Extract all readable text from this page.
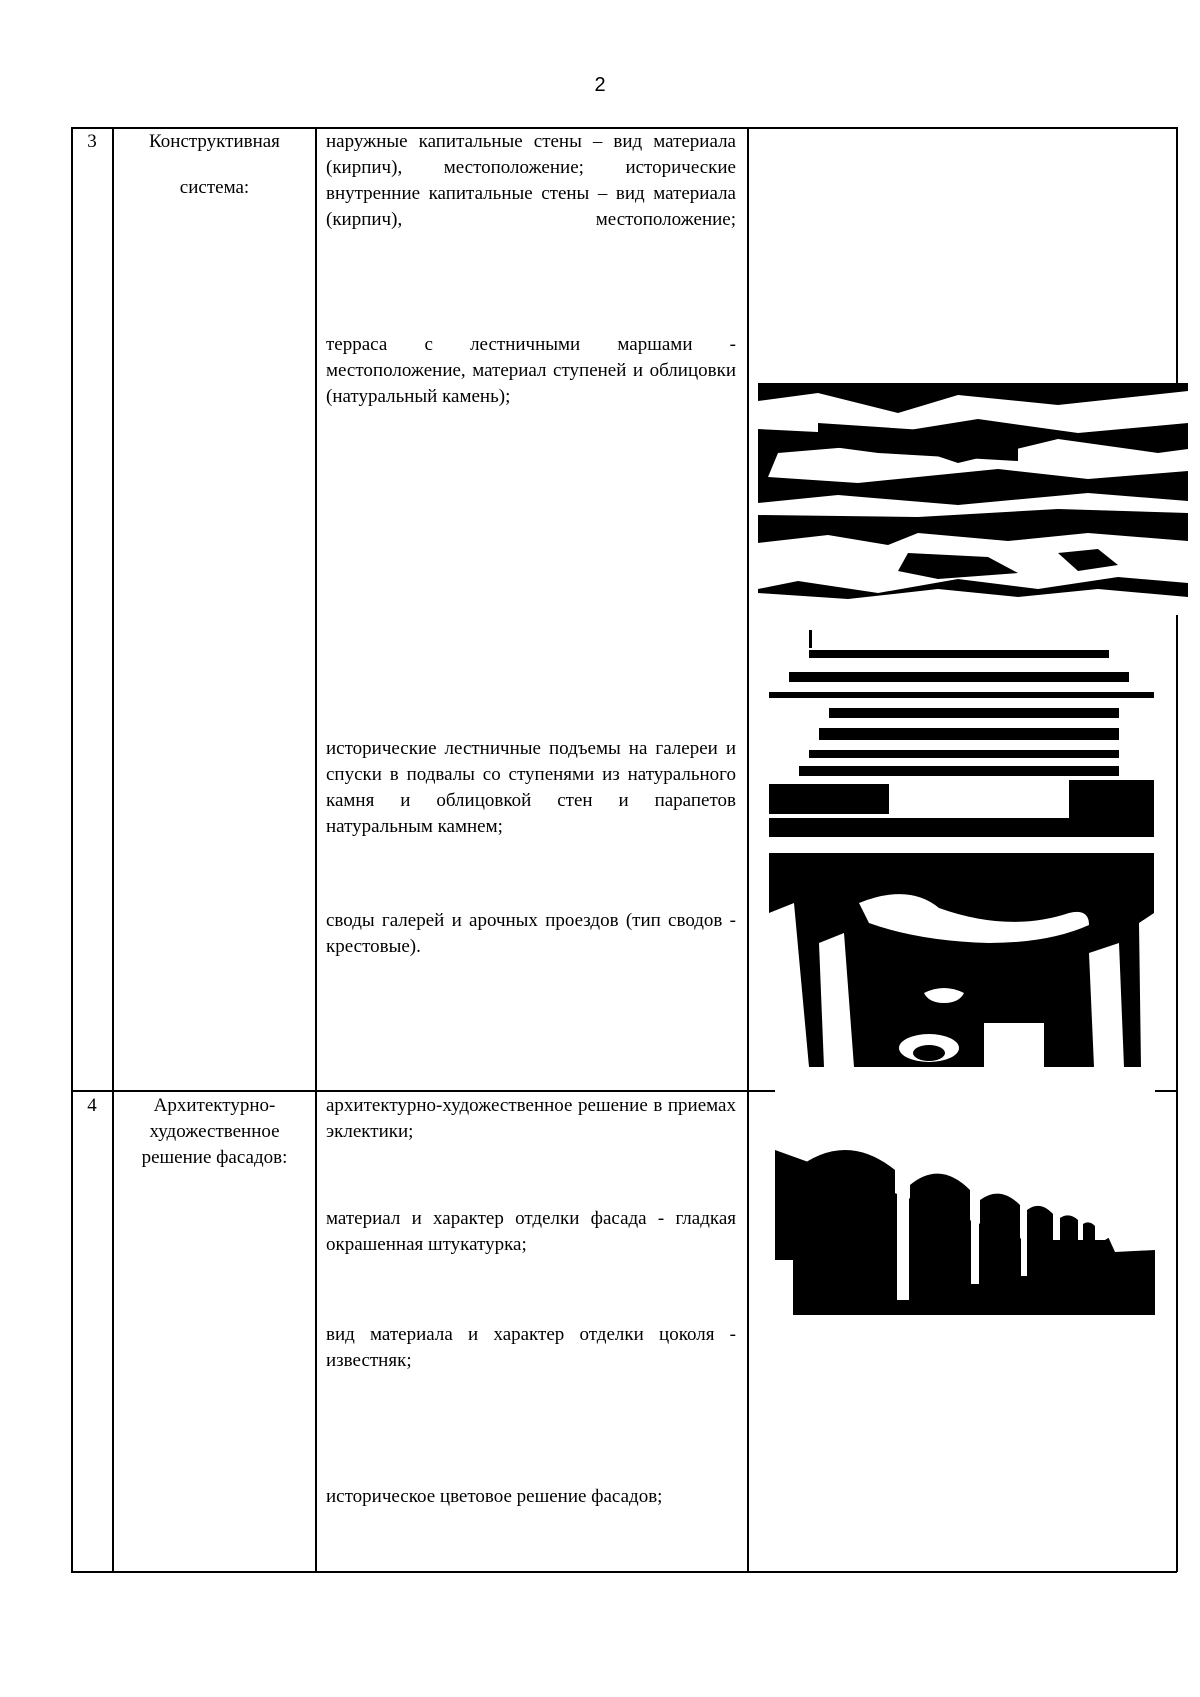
2
3	Конструктивная
система:
наружные капитальные стены – вид материала (кирпич), местоположение; исторические внутренние капитальные стены – вид материала (кирпич), местоположение;
терраса с лестничными маршами - местоположение, материал ступеней и облицовки (натуральный камень);
исторические лестничные подъемы на галереи и спуски в подвалы со ступенями из натурального камня и облицовкой стен и парапетов натуральным камнем;
своды галерей и арочных проездов (тип сводов - крестовые).
4	Архитектурно-художественное решение фасадов:
архитектурно-художественное решение в приемах эклектики;
материал и характер отделки фасада - гладкая окрашенная штукатурка;
вид материала и характер отделки цоколя - известняк;
историческое цветовое решение фасадов;
